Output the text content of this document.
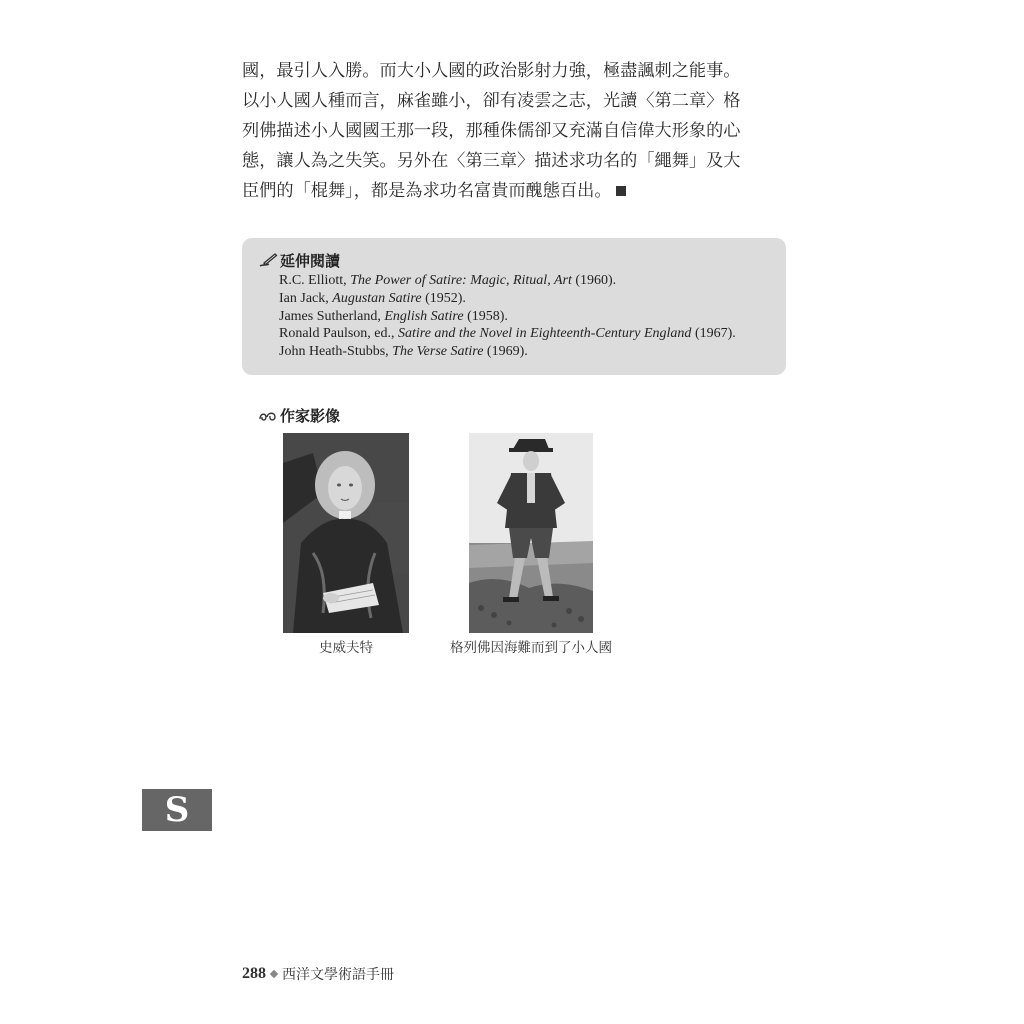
國，最引人入勝。而大小人國的政治影射力強，極盡諷刺之能事。

以小人國人種而言，麻雀雖小，卻有凌雲之志，光讀〈第二章〉格

列佛描述小人國國王那一段，那種侏儒卻又充滿自信偉大形象的心

態，讓人為之失笑。另外在〈第三章〉描述求功名的「繩舞」及大

臣們的「棍舞」，都是為求功名富貴而醜態百出。

延伸閱讀
R.C. Elliott, The Power of Satire: Magic, Ritual, Art (1960).
Ian Jack, Augustan Satire (1952).
James Sutherland, English Satire (1958).
Ronald Paulson, ed., Satire and the Novel in Eighteenth-Century England (1967).
John Heath-Stubbs, The Verse Satire (1969).
作家影像
史威夫特	格列佛因海難而到了小人國
S
288 西洋文學術語手冊
